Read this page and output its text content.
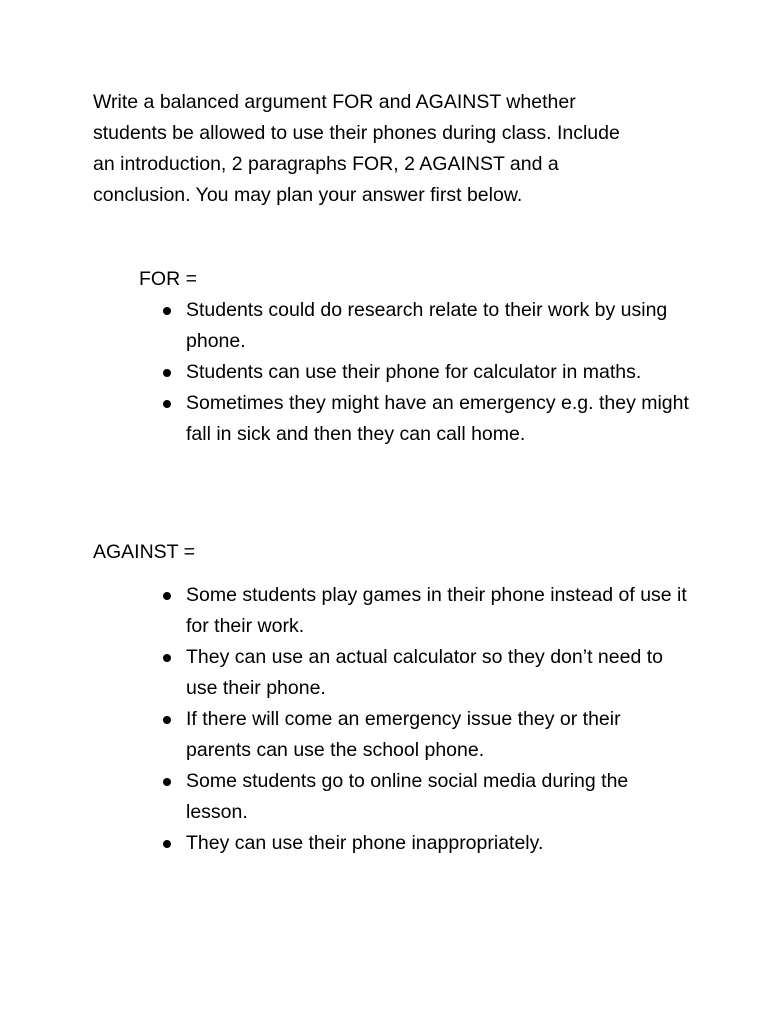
Write a balanced argument FOR and AGAINST whether
students be allowed to use their phones during class. Include
an introduction, 2 paragraphs FOR, 2 AGAINST and a
conclusion. You may plan your answer first below.

FOR =

Students could do research relate to their work by using phone.
Students can use their phone for calculator in maths.
Sometimes they might have an emergency e.g. they might fall in sick and then they can call home.

AGAINST =

Some students play games in their phone instead of use it for their work.
They can use an actual calculator so they don’t need to use their phone.
If there will come an emergency issue they or their parents can use the school phone.
Some students go to online social media during the lesson.
They can use their phone inappropriately.
